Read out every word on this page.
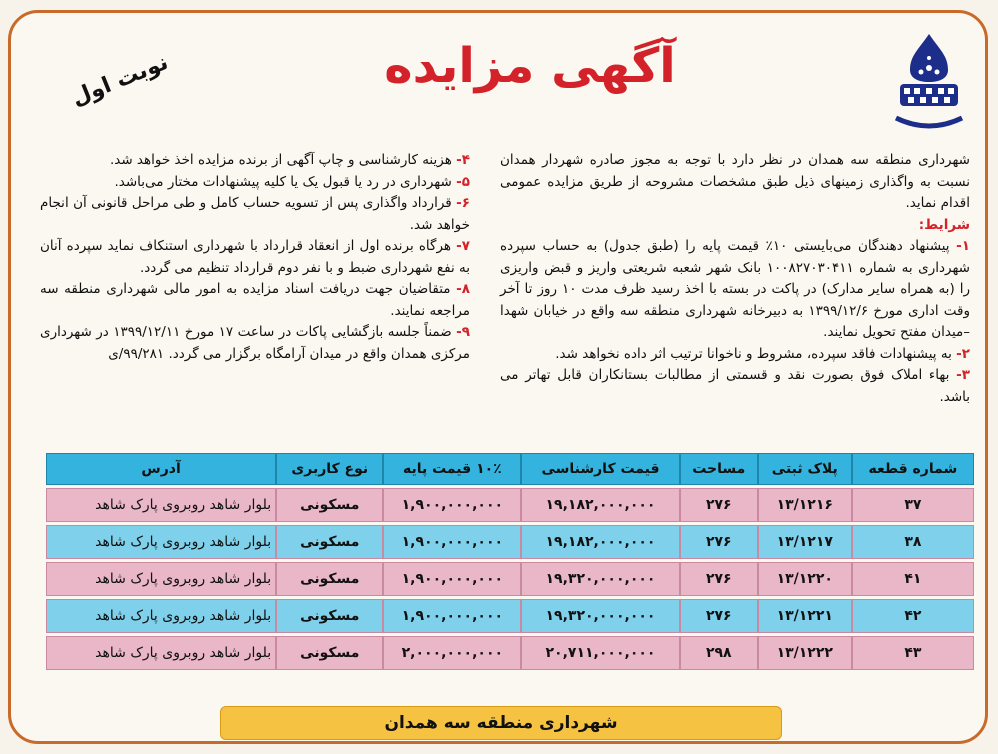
آگهی مزایده
نوبت اول

شهرداری منطقه سه همدان در نظر دارد با توجه به مجوز صادره شهردار همدان نسبت به واگذاری زمینهای ذیل طبق مشخصات مشروحه از طریق مزایده عمومی اقدام نماید.

شرایط:

۱- پیشنهاد دهندگان می‌بایستی ۱۰٪ قیمت پایه را (طبق جدول) به حساب سپرده شهرداری به شماره ۱۰۰۸۲۷۰۳۰۴۱۱ بانک شهر شعبه شریعتی واریز و قبض واریزی را (به همراه سایر مدارک) در پاکت در بسته با اخذ رسید ظرف مدت ۱۰ روز تا آخر وقت اداری مورخ ۱۳۹۹/۱۲/۶ به دبیرخانه شهرداری منطقه سه واقع در خیابان شهدا –میدان مفتح تحویل نمایند.

۲- به پیشنهادات فاقد سپرده، مشروط و ناخوانا ترتیب اثر داده نخواهد شد.

۳- بهاء املاک فوق بصورت نقد و قسمتی از مطالبات بستانکاران قابل تهاتر می باشد.

۴- هزینه کارشناسی و چاپ آگهی از برنده مزایده اخذ خواهد شد.

۵- شهرداری در رد یا قبول یک یا کلیه پیشنهادات مختار می‌باشد.

۶- قرارداد واگذاری پس از تسویه حساب کامل و طی مراحل قانونی آن انجام خواهد شد.

۷- هرگاه برنده اول از انعقاد قرارداد با شهرداری استنکاف نماید سپرده آنان به نفع شهرداری ضبط و با نفر دوم قرارداد تنظیم می گردد.

۸- متقاضیان جهت دریافت اسناد مزایده به امور مالی شهرداری منطقه سه مراجعه نمایند.

۹- ضمناً جلسه بازگشایی پاکات در ساعت ۱۷ مورخ ۱۳۹۹/۱۲/۱۱ در شهرداری مرکزی همدان واقع در میدان آرامگاه برگزار می گردد. ۹۹/۲۸۱/ی

شماره قطعه	پلاک ثبتی	مساحت	قیمت کارشناسی	۱۰٪ قیمت پایه	نوع کاربری	آدرس
۳۷	۱۳/۱۲۱۶	۲۷۶	۱۹,۱۸۲,۰۰۰,۰۰۰	۱,۹۰۰,۰۰۰,۰۰۰	مسکونی	بلوار شاهد روبروی پارک شاهد
۳۸	۱۳/۱۲۱۷	۲۷۶	۱۹,۱۸۲,۰۰۰,۰۰۰	۱,۹۰۰,۰۰۰,۰۰۰	مسکونی	بلوار شاهد روبروی پارک شاهد
۴۱	۱۳/۱۲۲۰	۲۷۶	۱۹,۳۲۰,۰۰۰,۰۰۰	۱,۹۰۰,۰۰۰,۰۰۰	مسکونی	بلوار شاهد روبروی پارک شاهد
۴۲	۱۳/۱۲۲۱	۲۷۶	۱۹,۳۲۰,۰۰۰,۰۰۰	۱,۹۰۰,۰۰۰,۰۰۰	مسکونی	بلوار شاهد روبروی پارک شاهد
۴۳	۱۳/۱۲۲۲	۲۹۸	۲۰,۷۱۱,۰۰۰,۰۰۰	۲,۰۰۰,۰۰۰,۰۰۰	مسکونی	بلوار شاهد روبروی پارک شاهد
شهرداری منطقه سه همدان
